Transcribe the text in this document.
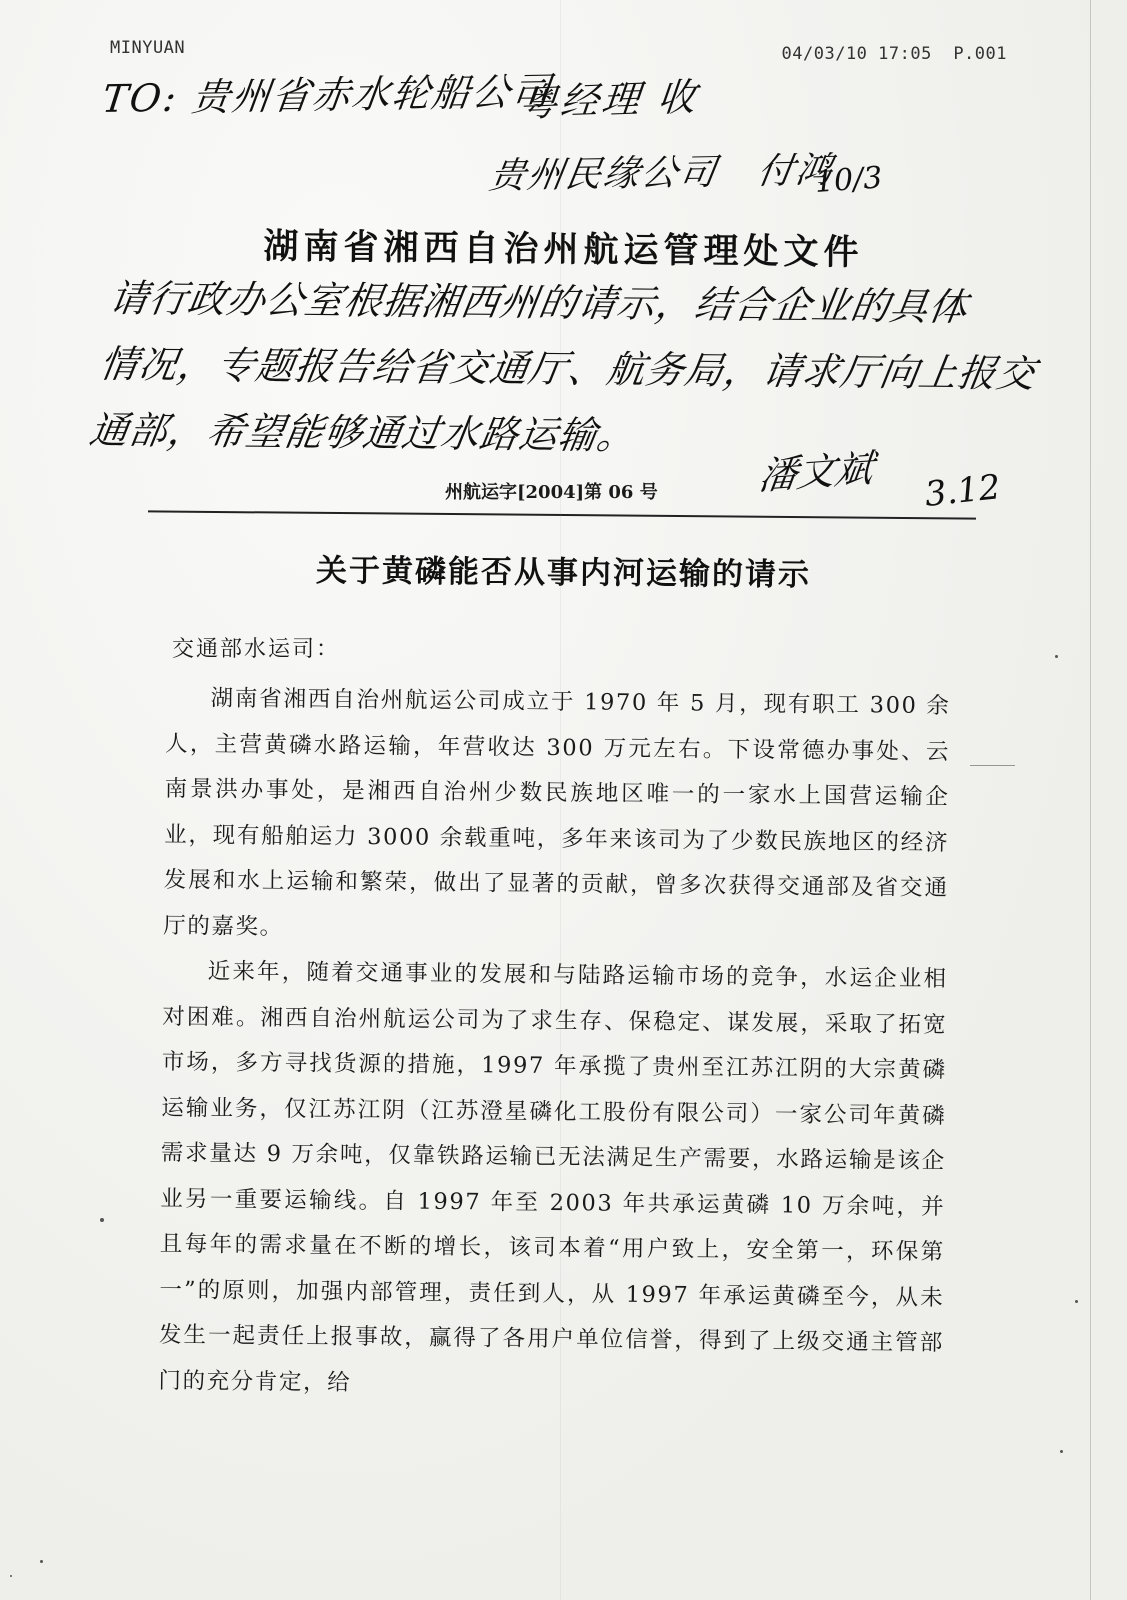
MINYUAN	04/03/10 17:05 P.001
TO: 贵州省赤水轮船公司
粤经理 收
贵州民缘公司 付鸿
10/3
湖南省湘西自治州航运管理处文件
请行政办公室根据湘西州的请示，结合企业的具体
情况，专题报告给省交通厅、航务局，请求厅向上报交
通部，希望能够通过水路运输。
潘文斌 3.12
州航运字[2004]第 06 号
关于黄磷能否从事内河运输的请示
交通部水运司：

湖南省湘西自治州航运公司成立于 1970 年 5 月，现有职工 300 余人，主营黄磷水路运输，年营收达 300 万元左右。下设常德办事处、云南景洪办事处，是湘西自治州少数民族地区唯一的一家水上国营运输企业，现有船舶运力 3000 余载重吨，多年来该司为了少数民族地区的经济发展和水上运输和繁荣，做出了显著的贡献，曾多次获得交通部及省交通厅的嘉奖。

近来年，随着交通事业的发展和与陆路运输市场的竞争，水运企业相对困难。湘西自治州航运公司为了求生存、保稳定、谋发展，采取了拓宽市场，多方寻找货源的措施，1997 年承揽了贵州至江苏江阴的大宗黄磷运输业务，仅江苏江阴（江苏澄星磷化工股份有限公司）一家公司年黄磷需求量达 9 万余吨，仅靠铁路运输已无法满足生产需要，水路运输是该企业另一重要运输线。自 1997 年至 2003 年共承运黄磷 10 万余吨，并且每年的需求量在不断的增长，该司本着“用户致上，安全第一，环保第一”的原则，加强内部管理，责任到人，从 1997 年承运黄磷至今，从未发生一起责任上报事故，赢得了各用户单位信誉，得到了上级交通主管部门的充分肯定，给
